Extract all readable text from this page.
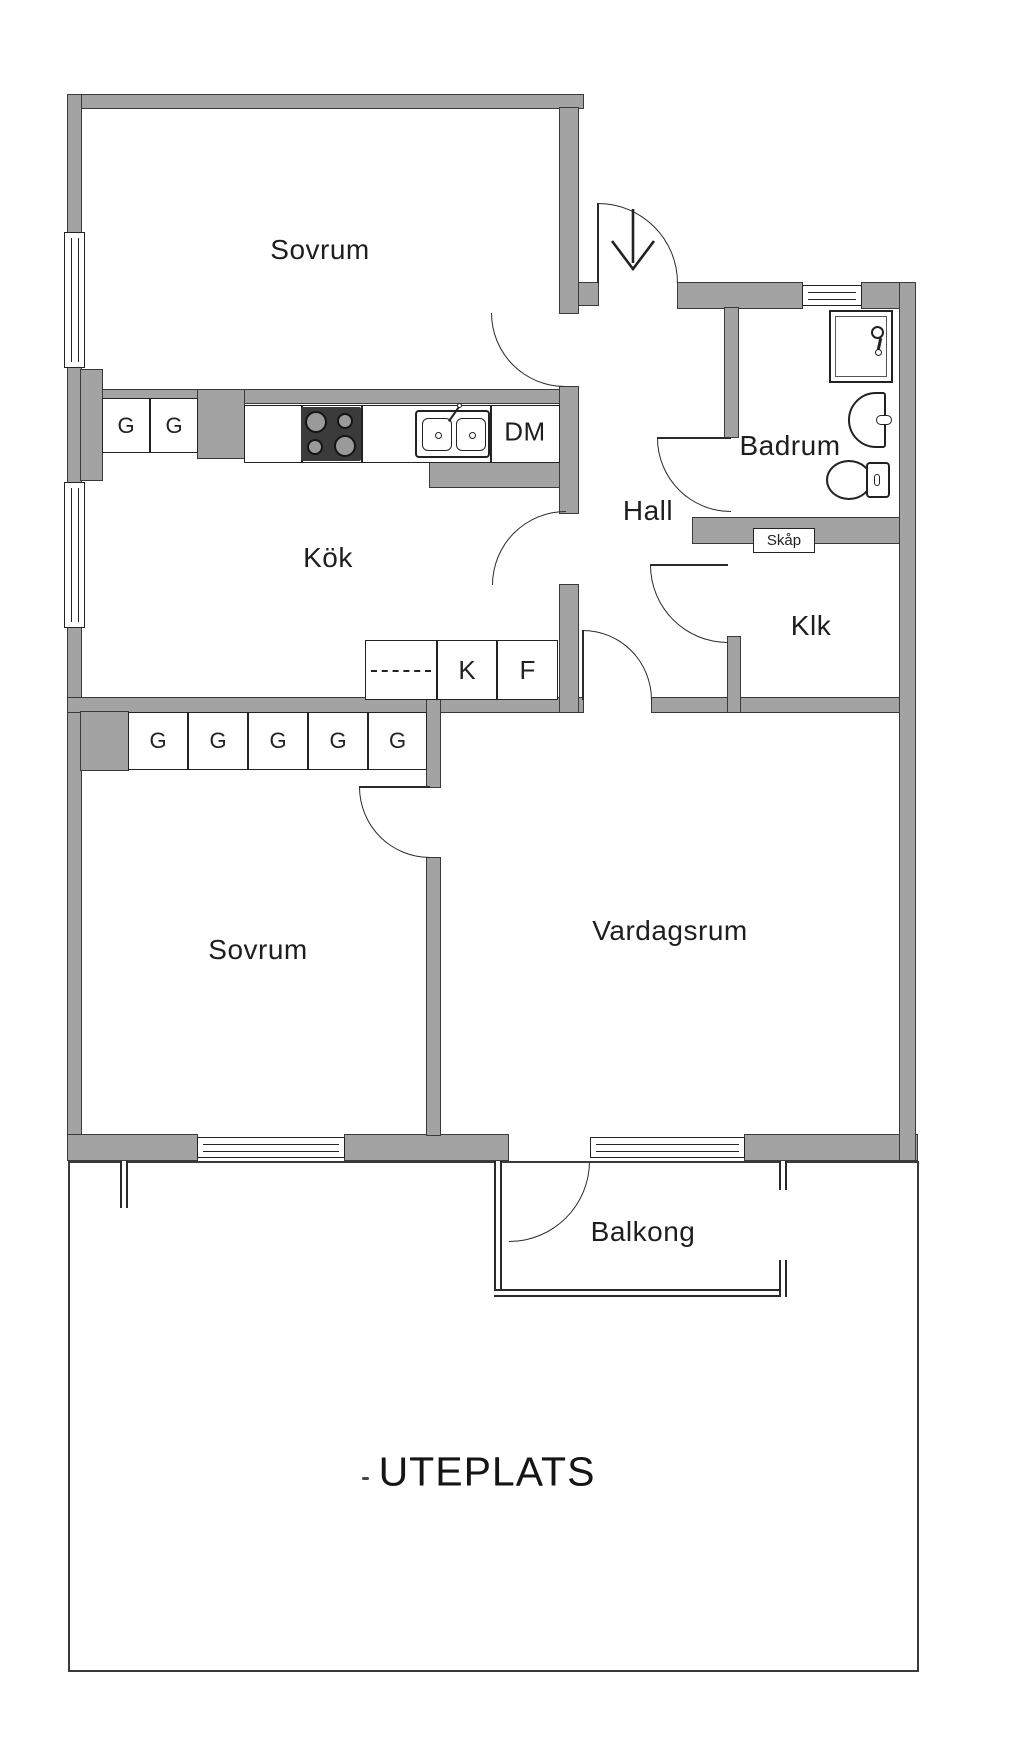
DM
G G
K F
G G G G G
Skåp
Sovrum
Kök
Hall
Badrum
Klk
Sovrum
Vardagsrum
Balkong
UTEPLATS
